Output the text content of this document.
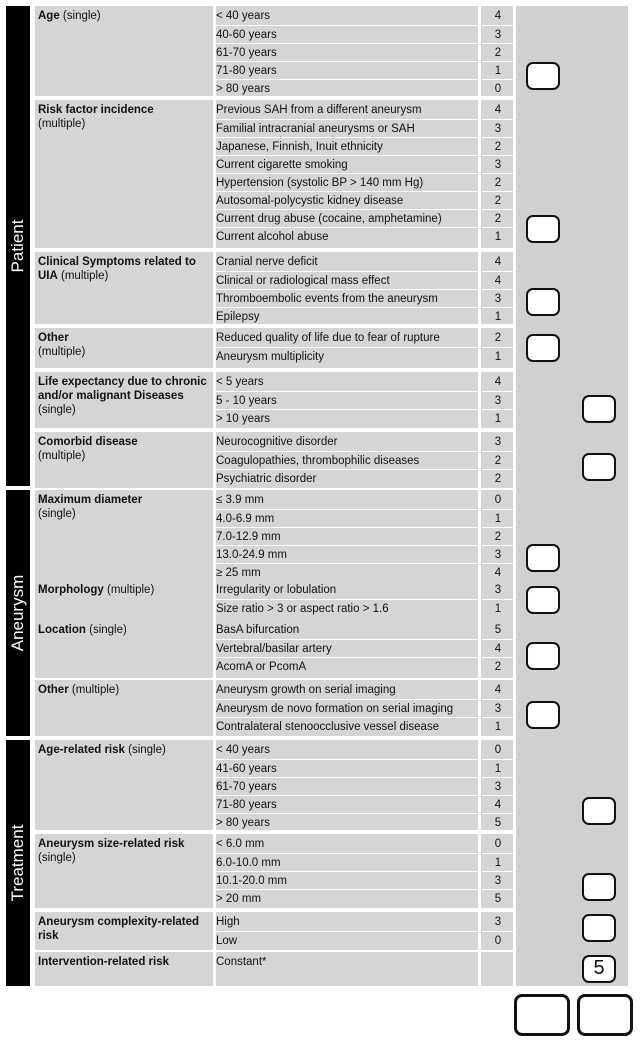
Patient
Aneurysm
Treatment
Age (single)	< 40 years	4
40-60 years	3
61-70 years	2
71-80 years	1
> 80 years	0
Risk factor incidence
(multiple)
Previous SAH from a different aneurysm	4
Familial intracranial aneurysms or SAH	3
Japanese, Finnish, Inuit ethnicity	2
Current cigarette smoking	3
Hypertension (systolic BP > 140 mm Hg)	2
Autosomal-polycystic kidney disease	2
Current drug abuse (cocaine, amphetamine)	2
Current alcohol abuse	1
Clinical Symptoms related to UIA (multiple)
Cranial nerve deficit	4
Clinical or radiological mass effect	4
Thromboembolic events from the aneurysm	3
Epilepsy	1
Other
(multiple)
Reduced quality of life due to fear of rupture	2
Aneurysm multiplicity	1
Life expectancy due to chronic and/or malignant Diseases (single)
< 5 years	4
5 - 10 years	3
> 10 years	1
Comorbid disease
(multiple)
Neurocognitive disorder	3
Coagulopathies, thrombophilic diseases	2
Psychiatric disorder	2
Maximum diameter
(single)
≤ 3.9 mm	0
4.0-6.9 mm	1
7.0-12.9 mm	2
13.0-24.9 mm	3
≥ 25 mm	4
Morphology (multiple)	Irregularity or lobulation	3
Size ratio > 3 or aspect ratio > 1.6	1
Location (single)	BasA bifurcation	5
Vertebral/basilar artery	4
AcomA or PcomA	2
Other (multiple)	Aneurysm growth on serial imaging	4
Aneurysm de novo formation on serial imaging	3
Contralateral stenoocclusive vessel disease	1
Age-related risk (single)	< 40 years	0
41-60 years	1
61-70 years	3
71-80 years	4
> 80 years	5
Aneurysm size-related risk (single)
< 6.0 mm	0
6.0-10.0 mm	1
10.1-20.0 mm	3
> 20 mm	5
Aneurysm complexity-related risk
High	3
Low	0
Intervention-related risk	Constant*	5
